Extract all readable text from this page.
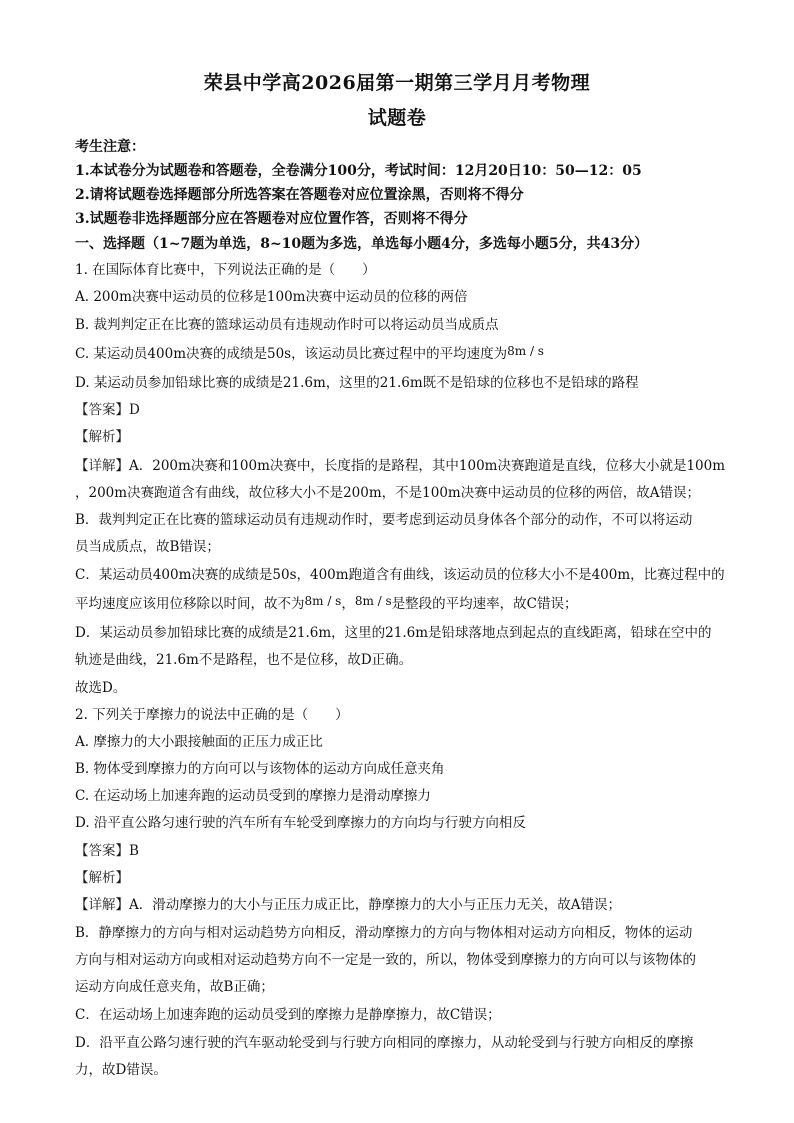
荣县中学高2026届第一期第三学月月考物理
试题卷
考生注意：
1.本试卷分为试题卷和答题卷，全卷满分100分，考试时间：12月20日10：50—12：05
2.请将试题卷选择题部分所选答案在答题卷对应位置涂黑，否则将不得分
3.试题卷非选择题部分应在答题卷对应位置作答，否则将不得分
一、选择题（1~7题为单选，8~10题为多选，单选每小题4分，多选每小题5分，共43分）
1. 在国际体育比赛中，下列说法正确的是（　　）
A. 200m决赛中运动员的位移是100m决赛中运动员的位移的两倍
B. 裁判判定正在比赛的篮球运动员有违规动作时可以将运动员当成质点
C. 某运动员400m决赛的成绩是50s，该运动员比赛过程中的平均速度为8m / s
D. 某运动员参加铅球比赛的成绩是21.6m，这里的21.6m既不是铅球的位移也不是铅球的路程
【答案】D
【解析】
【详解】A．200m决赛和100m决赛中，长度指的是路程，其中100m决赛跑道是直线，位移大小就是100m
，200m决赛跑道含有曲线，故位移大小不是200m，不是100m决赛中运动员的位移的两倍，故A错误；
B．裁判判定正在比赛的篮球运动员有违规动作时，要考虑到运动员身体各个部分的动作，不可以将运动
员当成质点，故B错误；
C．某运动员400m决赛的成绩是50s，400m跑道含有曲线，该运动员的位移大小不是400m，比赛过程中的
平均速度应该用位移除以时间，故不为8m / s，8m / s是整段的平均速率，故C错误；
D．某运动员参加铅球比赛的成绩是21.6m，这里的21.6m是铅球落地点到起点的直线距离，铅球在空中的
轨迹是曲线，21.6m不是路程，也不是位移，故D正确。
故选D。
2. 下列关于摩擦力的说法中正确的是（　　）
A. 摩擦力的大小跟接触面的正压力成正比
B. 物体受到摩擦力的方向可以与该物体的运动方向成任意夹角
C. 在运动场上加速奔跑的运动员受到的摩擦力是滑动摩擦力
D. 沿平直公路匀速行驶的汽车所有车轮受到摩擦力的方向均与行驶方向相反
【答案】B
【解析】
【详解】A．滑动摩擦力的大小与正压力成正比，静摩擦力的大小与正压力无关，故A错误；
B．静摩擦力的方向与相对运动趋势方向相反，滑动摩擦力的方向与物体相对运动方向相反，物体的运动
方向与相对运动方向或相对运动趋势方向不一定是一致的，所以，物体受到摩擦力的方向可以与该物体的
运动方向成任意夹角，故B正确；
C．在运动场上加速奔跑的运动员受到的摩擦力是静摩擦力，故C错误；
D．沿平直公路匀速行驶的汽车驱动轮受到与行驶方向相同的摩擦力，从动轮受到与行驶方向相反的摩擦
力，故D错误。
